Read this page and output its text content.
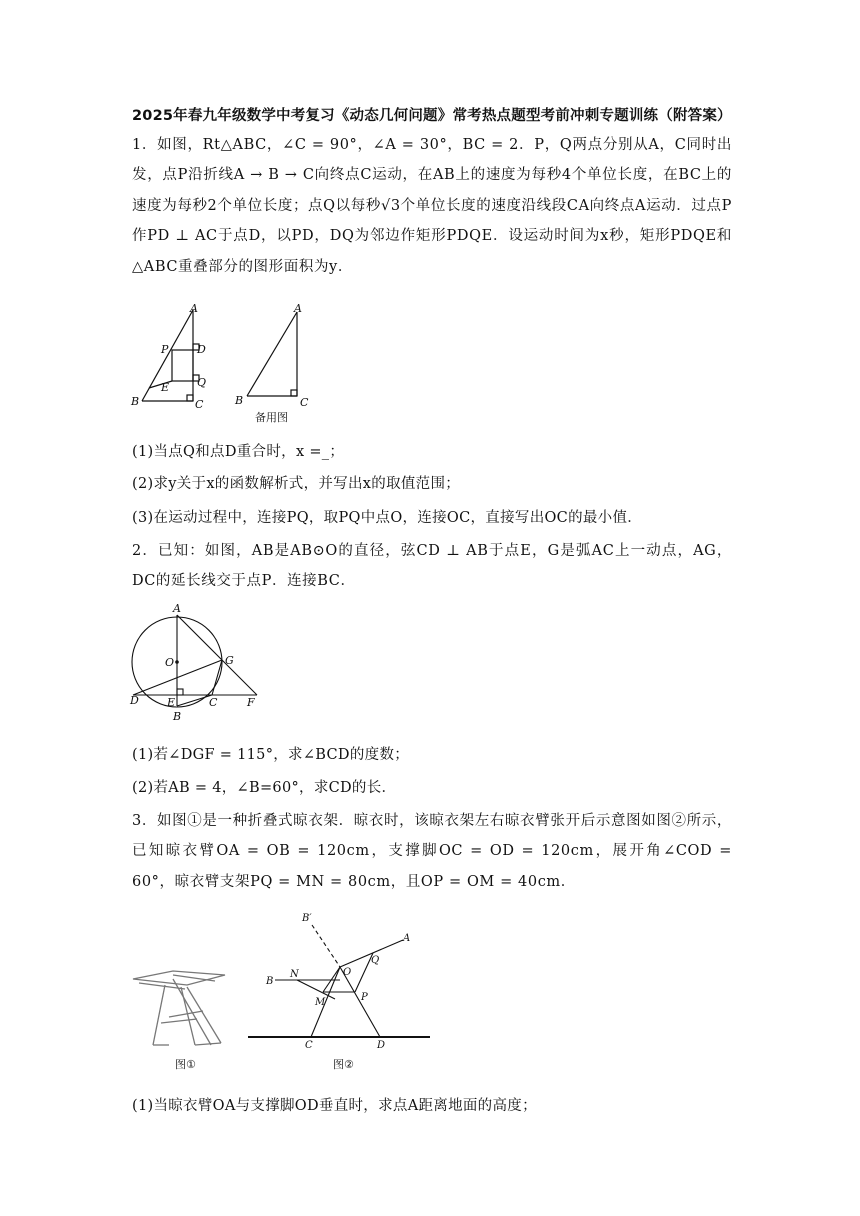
2025年春九年级数学中考复习《动态几何问题》常考热点题型考前冲刺专题训练（附答案）
1．如图，Rt△ABC，∠C = 90°，∠A = 30°，BC = 2．P，Q两点分别从A，C同时出发，点P沿折线A → B → C向终点C运动，在AB上的速度为每秒4个单位长度，在BC上的速度为每秒2个单位长度；点Q以每秒√3个单位长度的速度沿线段CA向终点A运动．过点P作PD ⊥ AC于点D，以PD，DQ为邻边作矩形PDQE．设运动时间为x秒，矩形PDQE和△ABC重叠部分的图形面积为y．
A
P	D
E	Q
B	C
A
B	C
备用图
(1)当点Q和点D重合时，x =_；
(2)求y关于x的函数解析式，并写出x的取值范围；
(3)在运动过程中，连接PQ，取PQ中点O，连接OC，直接写出OC的最小值．
2．已知：如图，AB是AB⊙O的直径，弦CD ⊥ AB于点E，G是弧AC上一动点，AG，DC的延长线交于点P．连接BC．
A
O	G
D	E	C	F
B
(1)若∠DGF = 115°，求∠BCD的度数；
(2)若AB = 4，∠B=60°，求CD的长．
3．如图①是一种折叠式晾衣架．晾衣时，该晾衣架左右晾衣臂张开后示意图如图②所示，已知晾衣臂OA = OB = 120cm，支撑脚OC = OD = 120cm，展开角∠COD = 60°，晾衣臂支架PQ = MN = 80cm，且OP = OM = 40cm．
图①
B′
Q
A
N	O
B
M	P
C	D
图②
(1)当晾衣臂OA与支撑脚OD垂直时，求点A距离地面的高度；
